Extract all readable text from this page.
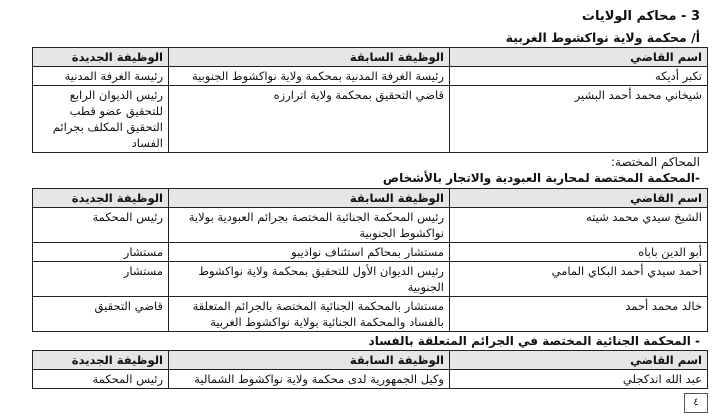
3 - محاكم الولايات
أ/ محكمة ولاية نواكشوط الغربية
اسم القاضي	الوظيفة السابقة	الوظيفة الجديدة
تكبر أديكه	رئيسة الغرفة المدنية بمحكمة ولاية نواكشوط الجنوبية	رئيسة الغرفة المدنية
شيخاني محمد أحمد البشير	قاضي التحقيق بمحكمة ولاية اترارزه	رئيس الديوان الرابع للتحقيق عضو قطب التحقيق المكلف بجرائم الفساد
المحاكم المختصة:
-المحكمة المختصة لمحاربة العبودية والاتجار بالأشخاص
اسم القاضي	الوظيفة السابقة	الوظيفة الجديدة
الشيخ سيدي محمد شيته	رئيس المحكمة الجنائية المختصة بجرائم العبودية بولاية نواكشوط الجنوبية	رئيس المحكمة
أبو الدين باباه	مستشار بمحاكم استئناف نواذيبو	مستشار
أحمد سيدي أحمد البكاي المامي	رئيس الديوان الأول للتحقيق بمحكمة ولاية نواكشوط الجنوبية	مستشار
خالد محمد أحمد	مستشار بالمحكمة الجنائية المختصة بالجرائم المتعلقة بالفساد والمحكمة الجنائية بولاية نواكشوط الغربية	قاضي التحقيق
- المحكمة الجنائية المختصة في الجرائم المتعلقة بالفساد
اسم القاضي	الوظيفة السابقة	الوظيفة الجديدة
عبد الله اندكجلي	وكيل الجمهورية لدى محكمة ولاية نواكشوط الشمالية	رئيس المحكمة
٤
